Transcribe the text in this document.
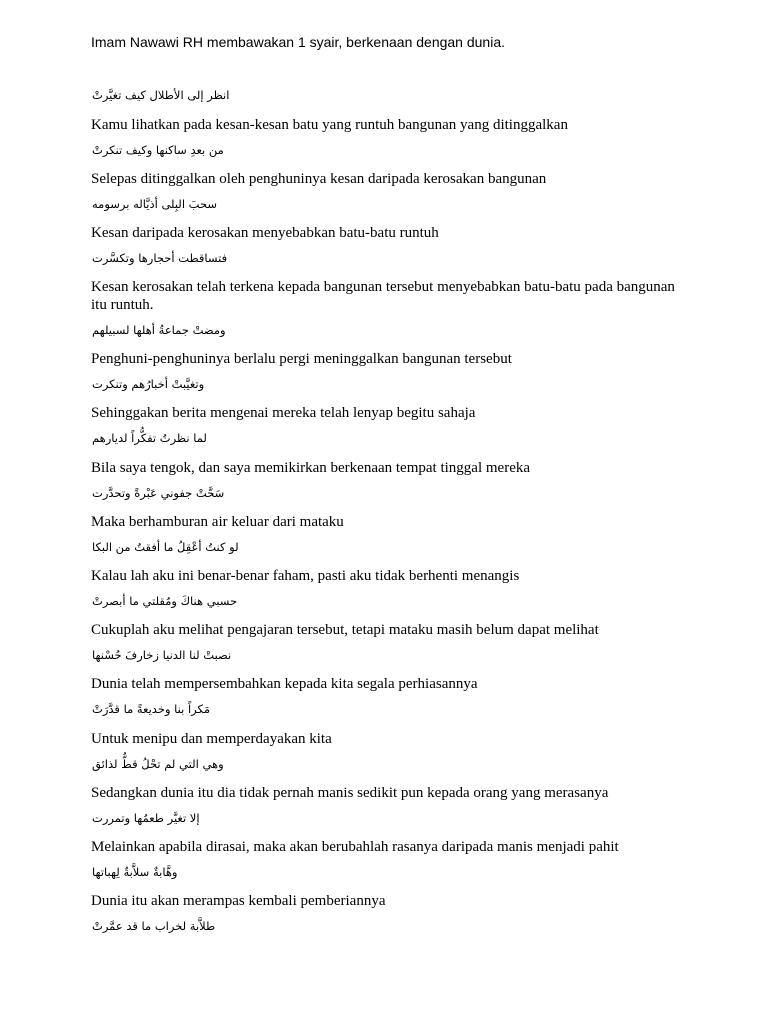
Imam Nawawi RH membawakan 1 syair, berkenaan dengan dunia.
انظر إلى الأطلال كيف تغيَّرتْ
Kamu lihatkan pada kesan-kesan batu yang runtuh bangunan yang ditinggalkan
من بعدِ ساكنها وكيف تنكرتْ
Selepas ditinggalkan oleh penghuninya kesan daripada kerosakan bangunan
سحبَ البِلى أذيَّاله برسومه
Kesan daripada kerosakan menyebabkan batu-batu runtuh
فتساقطت أحجارها وتكسَّرت
Kesan kerosakan telah terkena kepada bangunan tersebut menyebabkan batu-batu pada bangunan itu runtuh.
ومضتْ جماعةُ أهلها لسبيلهم
Penghuni-penghuninya berlalu pergi meninggalkan bangunan tersebut
وتغيَّبتْ أخبارُهم وتنكرت
Sehinggakan berita mengenai mereka telah lenyap begitu sahaja
لما نظرتُ تفكُّراً لديارهم
Bila saya tengok, dan saya memikirkan berkenaan tempat tinggal mereka
سَحَّتْ جفوني عَبْرةً وتحدَّرت
Maka berhamburan air keluar dari mataku
لو كنتُ أعْقِلُ ما أفقتُ من البكا
Kalau lah aku ini benar-benar faham, pasti aku tidak berhenti menangis
حسبي هناكَ ومُقلتي ما أبصرتْ
Cukuplah aku melihat pengajaran tersebut, tetapi mataku masih belum dapat melihat
نصبتْ لنا الدنيا زخارفَ حُسْنها
Dunia telah mempersembahkan kepada kita segala perhiasannya
مَكراً بنا وخديعةً ما قدَّرَتْ
Untuk menipu dan memperdayakan kita
وهي التي لم تحْلُ قطُّ لذائق
Sedangkan dunia itu dia tidak pernah manis sedikit pun kepada orang yang merasanya
إلا تغيَّر طعمُها وتمررت
Melainkan apabila dirasai, maka akan berubahlah rasanya daripada manis menjadi pahit
وهَّابةٌ سلاَّبةٌ لِهباتها
Dunia itu akan merampas kembali pemberiannya
طلاَّبة لخراب ما قد عمَّرتْ
